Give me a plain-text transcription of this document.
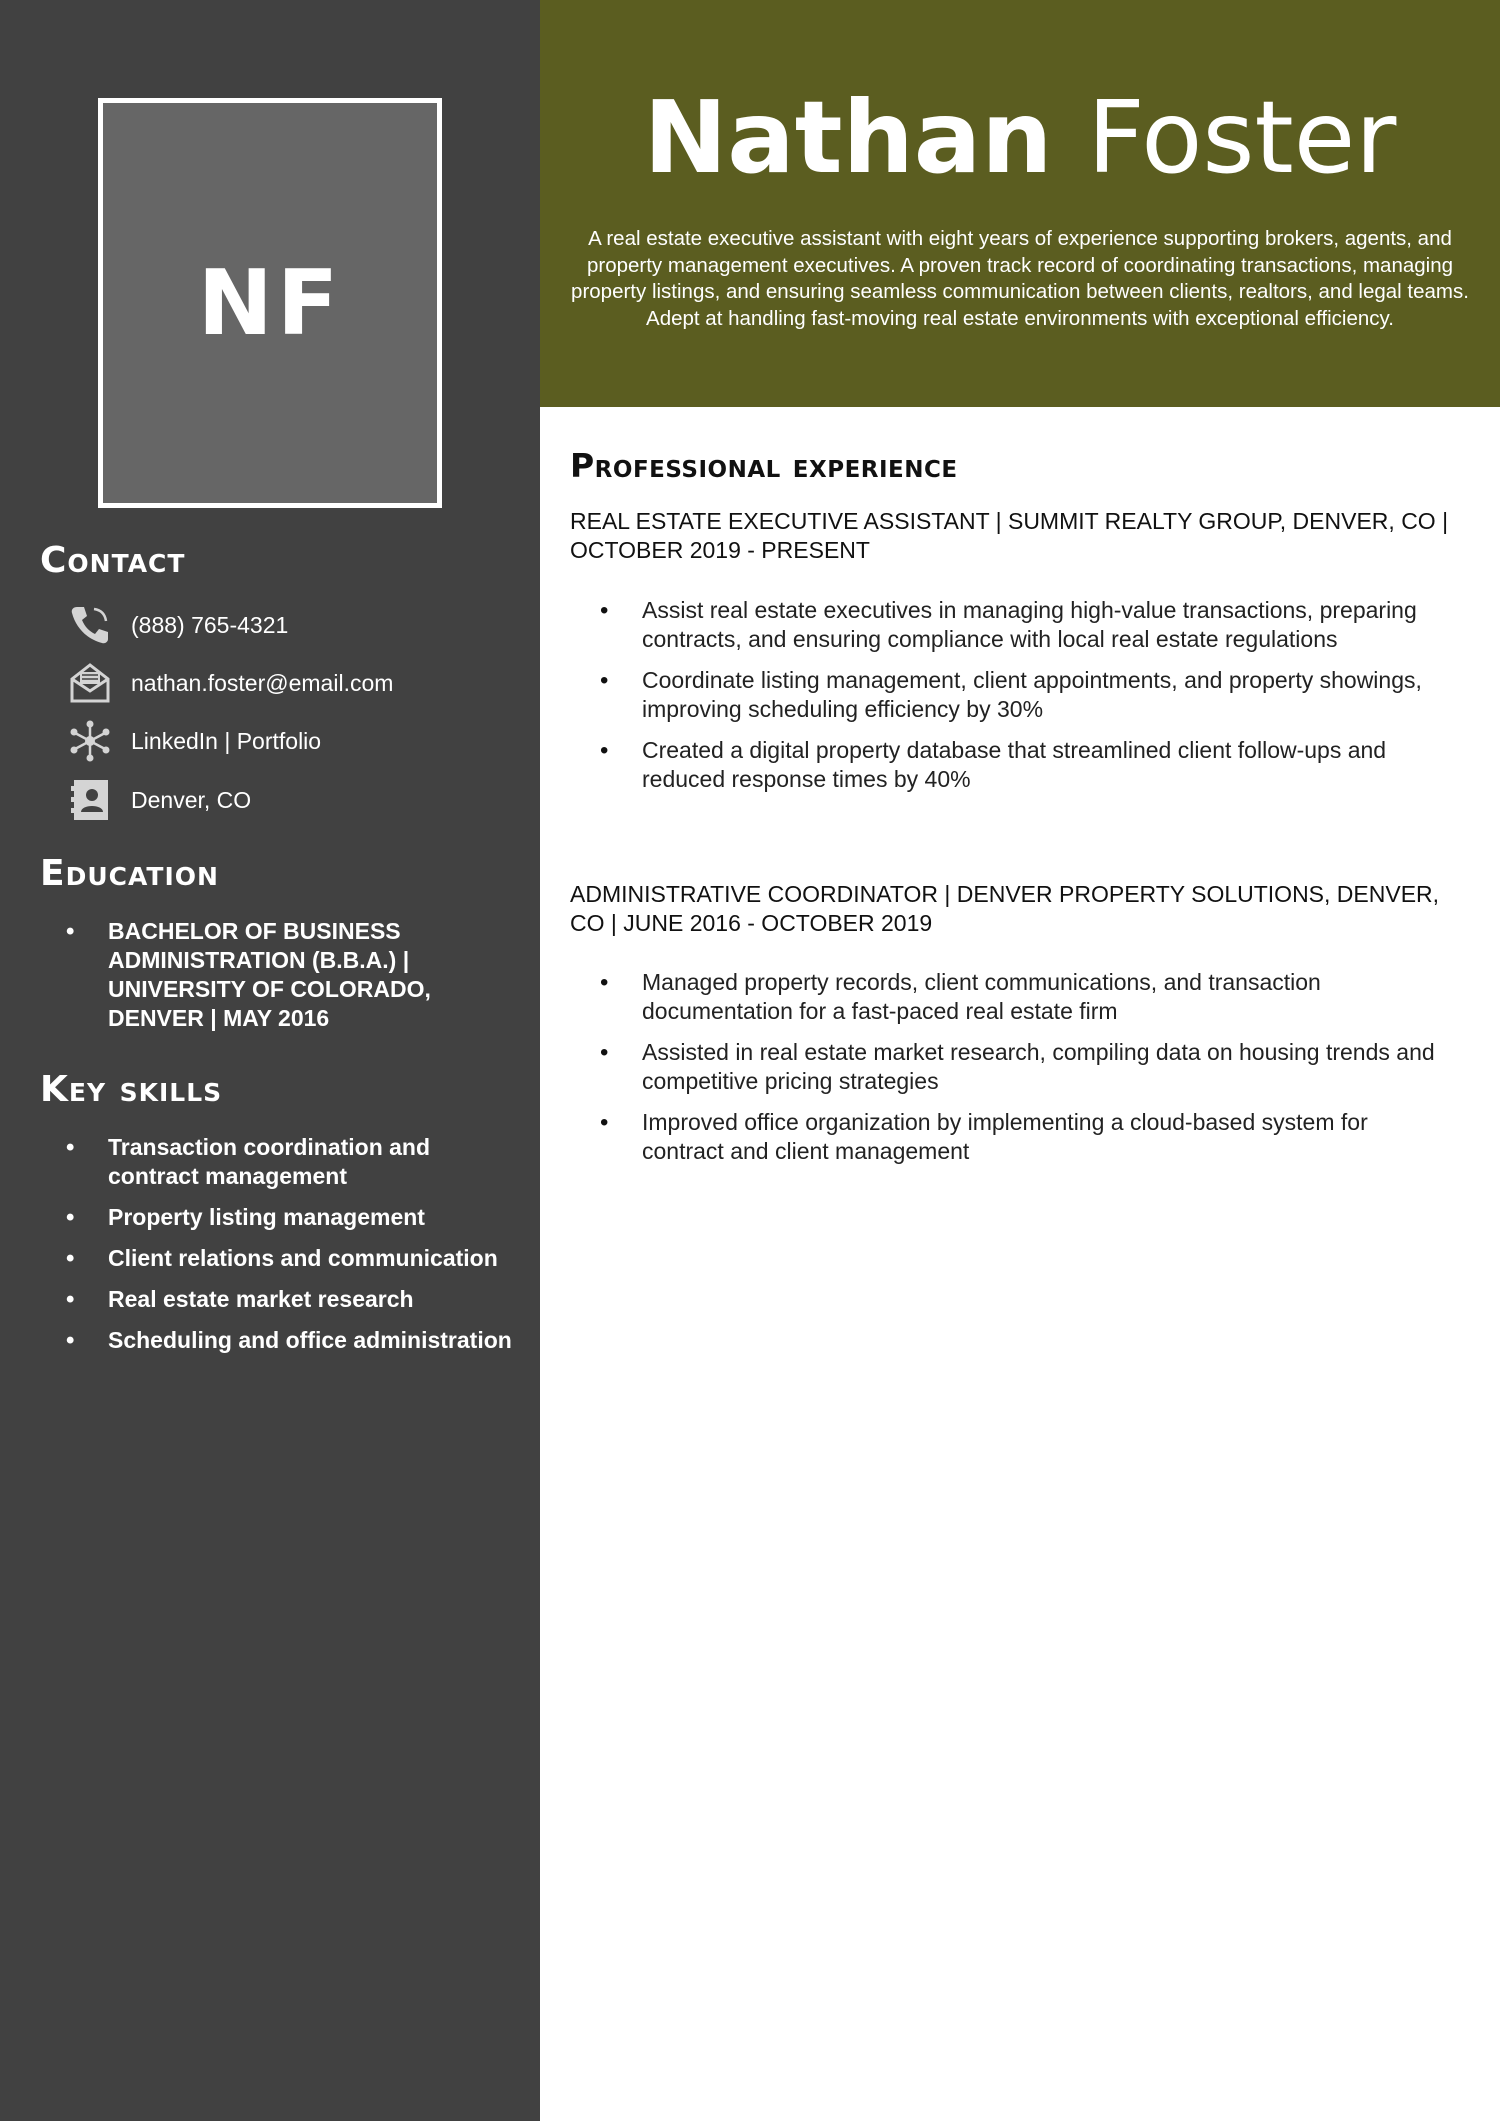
NF
Contact
(888) 765-4321
nathan.foster@email.com
LinkedIn | Portfolio
Denver, CO
Education
• BACHELOR OF BUSINESS ADMINISTRATION (B.B.A.) | UNIVERSITY OF COLORADO, DENVER | MAY 2016
Key skills
• Transaction coordination and contract management
• Property listing management
• Client relations and communication
• Real estate market research
• Scheduling and office administration
Nathan Foster

A real estate executive assistant with eight years of experience supporting brokers, agents, and property management executives. A proven track record of coordinating transactions, managing property listings, and ensuring seamless communication between clients, realtors, and legal teams. Adept at handling fast-moving real estate environments with exceptional efficiency.

Professional experience

REAL ESTATE EXECUTIVE ASSISTANT | SUMMIT REALTY GROUP, DENVER, CO | OCTOBER 2019 - PRESENT

• Assist real estate executives in managing high-value transactions, preparing contracts, and ensuring compliance with local real estate regulations
• Coordinate listing management, client appointments, and property showings, improving scheduling efficiency by 30%
• Created a digital property database that streamlined client follow-ups and reduced response times by 40%

ADMINISTRATIVE COORDINATOR | DENVER PROPERTY SOLUTIONS, DENVER, CO | JUNE 2016 - OCTOBER 2019

• Managed property records, client communications, and transaction documentation for a fast-paced real estate firm
• Assisted in real estate market research, compiling data on housing trends and competitive pricing strategies
• Improved office organization by implementing a cloud-based system for contract and client management
